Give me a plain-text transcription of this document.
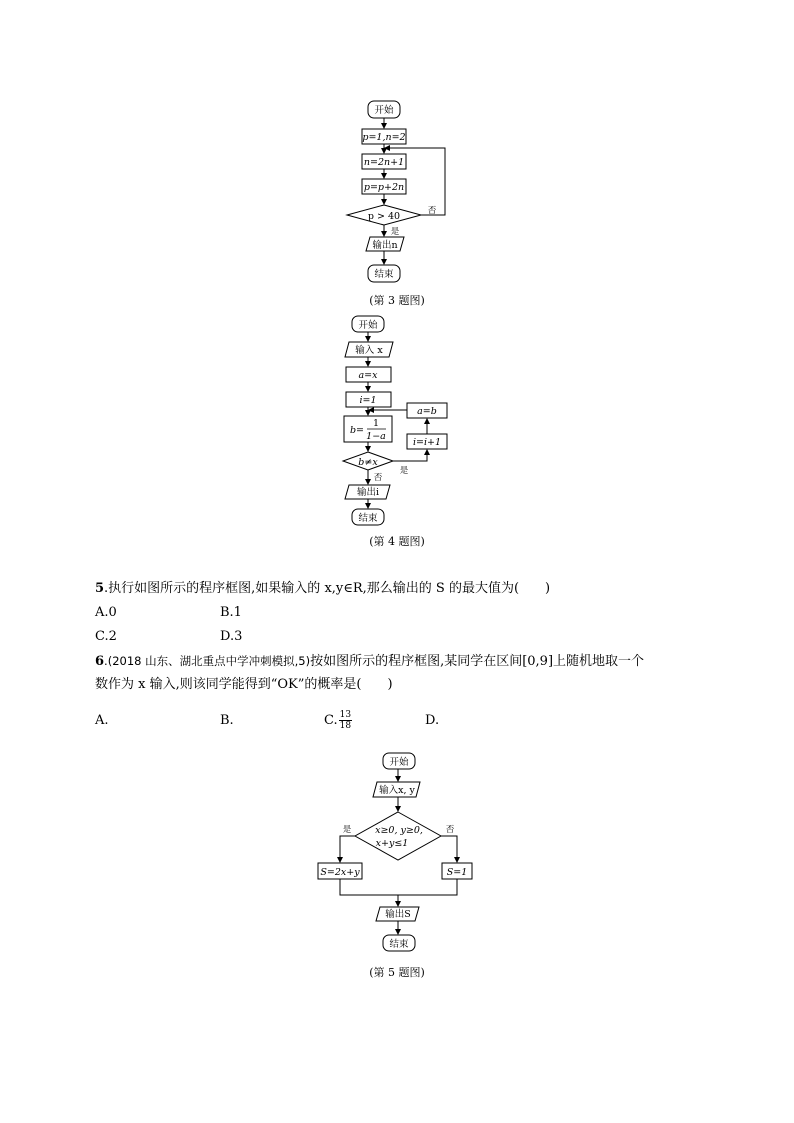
开始
p=1,n=2
n=2n+1
p=p+2n
p > 40	否
是
输出n
结束
(第 3 题图)
开始
输入 x
a=x
i=1
b=
1
1−a
b≠x
否
是
i=i+1
a=b
输出i
结束
(第 4 题图)
开始
输入x, y
x≥0, y≥0,
x+y≤1
是	否
S=2x+y	S=1
输出S
结束
(第 5 题图)
5.执行如图所示的程序框图,如果输入的 x,y∈R,那么输出的 S 的最大值为(　　)
A.0	B.1
C.2	D.3
6.(2018 山东、湖北重点中学冲刺模拟,5)按如图所示的程序框图,某同学在区间[0,9]上随机地取一个
数作为 x 输入,则该同学能得到“OK”的概率是(　　)
A.	B.	C. $\frac{13}{18}$	D.
